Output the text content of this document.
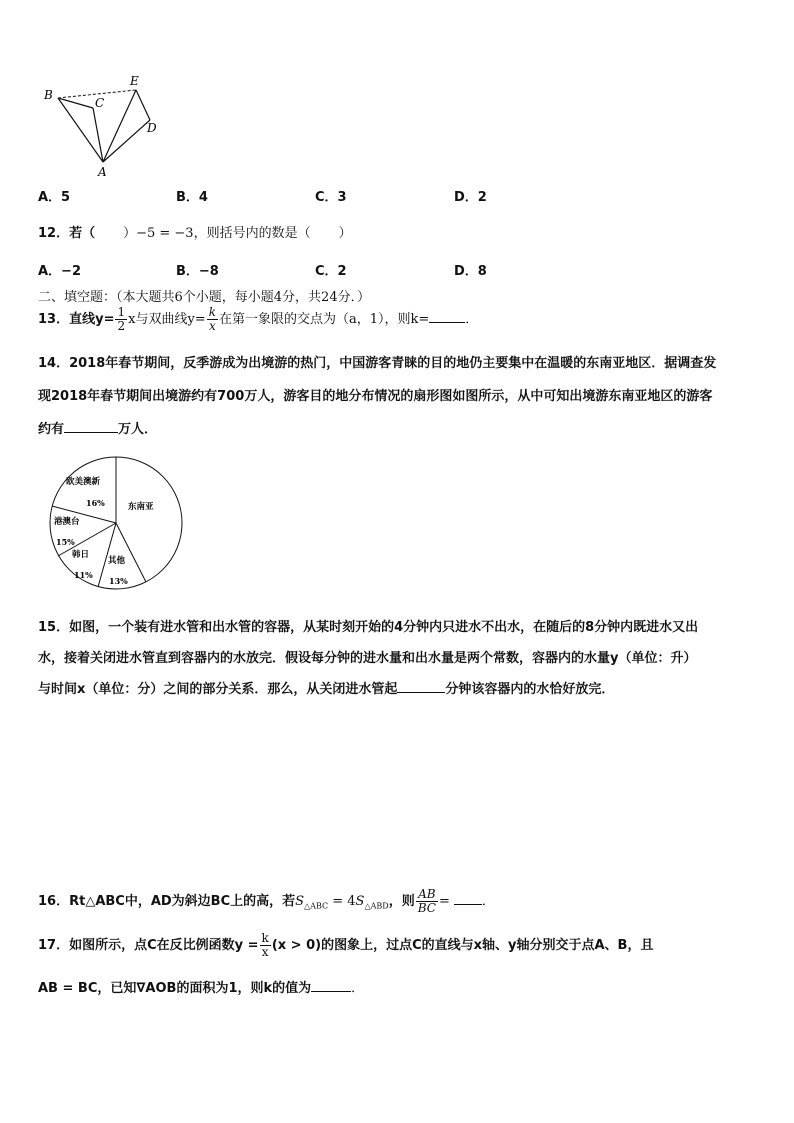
B
C
E
D
A
A．5	B．4	C．3	D．2
12．若（ ）−5 = −3，则括号内的数是（ ）
A．−2	B．−8	C．2	D．8
二、填空题：（本大题共6个小题，每小题4分，共24分．）
13．直线$y= \frac{1}{2}$ x与双曲线$y= \frac{k}{x}$ 在第一象限的交点为（a，1），则k=	．
14．2018年春节期间，反季游成为出境游的热门，中国游客青睐的目的地仍主要集中在温暖的东南亚地区．据调查发
现2018年春节期间出境游约有700万人，游客目的地分布情况的扇形图如图所示，从中可知出境游东南亚地区的游客
约有	万人．
欧美澳新
16%
港澳台
15%
韩日
11%
其他
13%
东南亚
15．如图，一个装有进水管和出水管的容器，从某时刻开始的4分钟内只进水不出水，在随后的8分钟内既进水又出
水，接着关闭进水管直到容器内的水放完．假设每分钟的进水量和出水量是两个常数，容器内的水量y（单位：升）
与时间x（单位：分）之间的部分关系．那么，从关闭进水管起	分钟该容器内的水恰好放完．
16．Rt△ABC中，AD为斜边BC上的高，若$S_{\triangle ABC} = 4S_{\triangle ABD}$，则 $\frac{AB}{BC}$ = ．
17．如图所示，点C在反比例函数$y = \frac{k}{x} (x > 0)$的图象上，过点C的直线与x轴、y轴分别交于点A、B，且
AB = BC，已知∇AOB的面积为1，则k的值为	．
